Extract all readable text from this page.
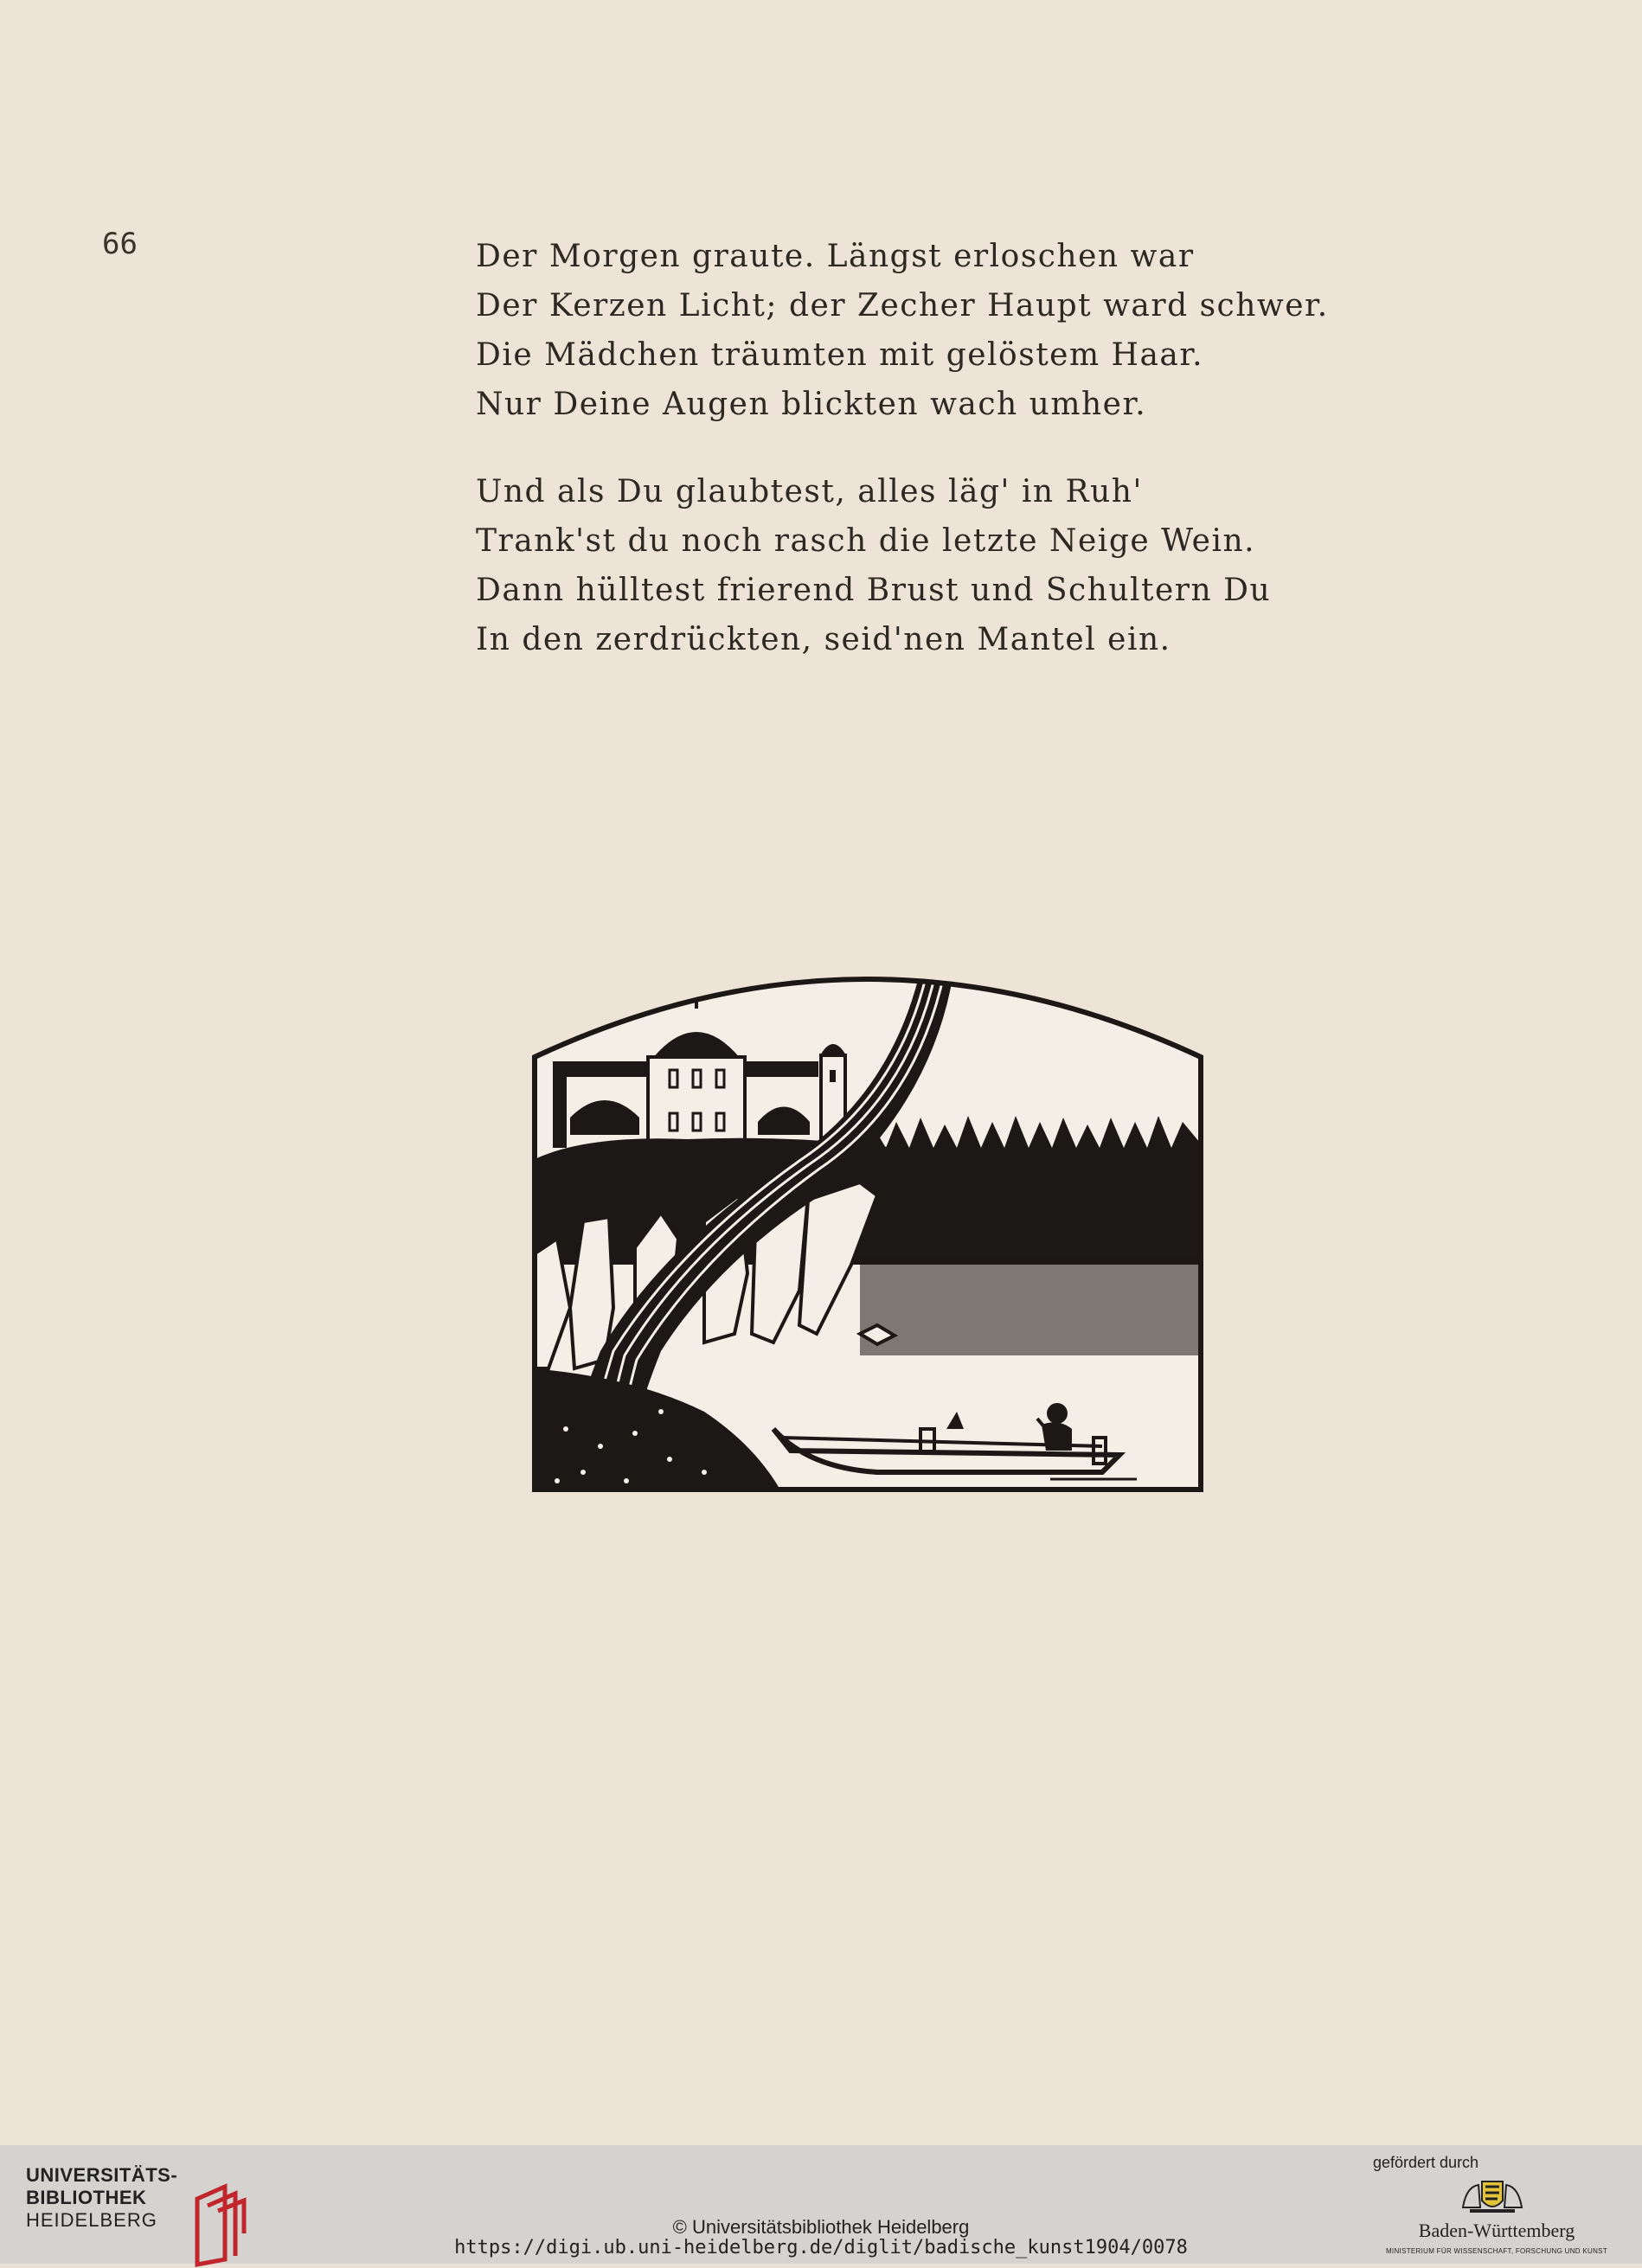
66	Der Morgen graute. Längst erloschen war
Der Kerzen Licht; der Zecher Haupt ward schwer.
Die Mädchen träumten mit gelöstem Haar.
Nur Deine Augen blickten wach umher.
Und als Du glaubtest, alles läg' in Ruh'
Trank'st du noch rasch die letzte Neige Wein.
Dann hülltest frierend Brust und Schultern Du
In den zerdrückten, seid'nen Mantel ein.
UNIVERSITÄTS-
BIBLIOTHEK
HEIDELBERG	© Universitätsbibliothek Heidelberg
https://digi.ub.uni-heidelberg.de/diglit/badische_kunst1904/0078
gefördert durch
Baden-Württemberg
MINISTERIUM FÜR WISSENSCHAFT, FORSCHUNG UND KUNST
